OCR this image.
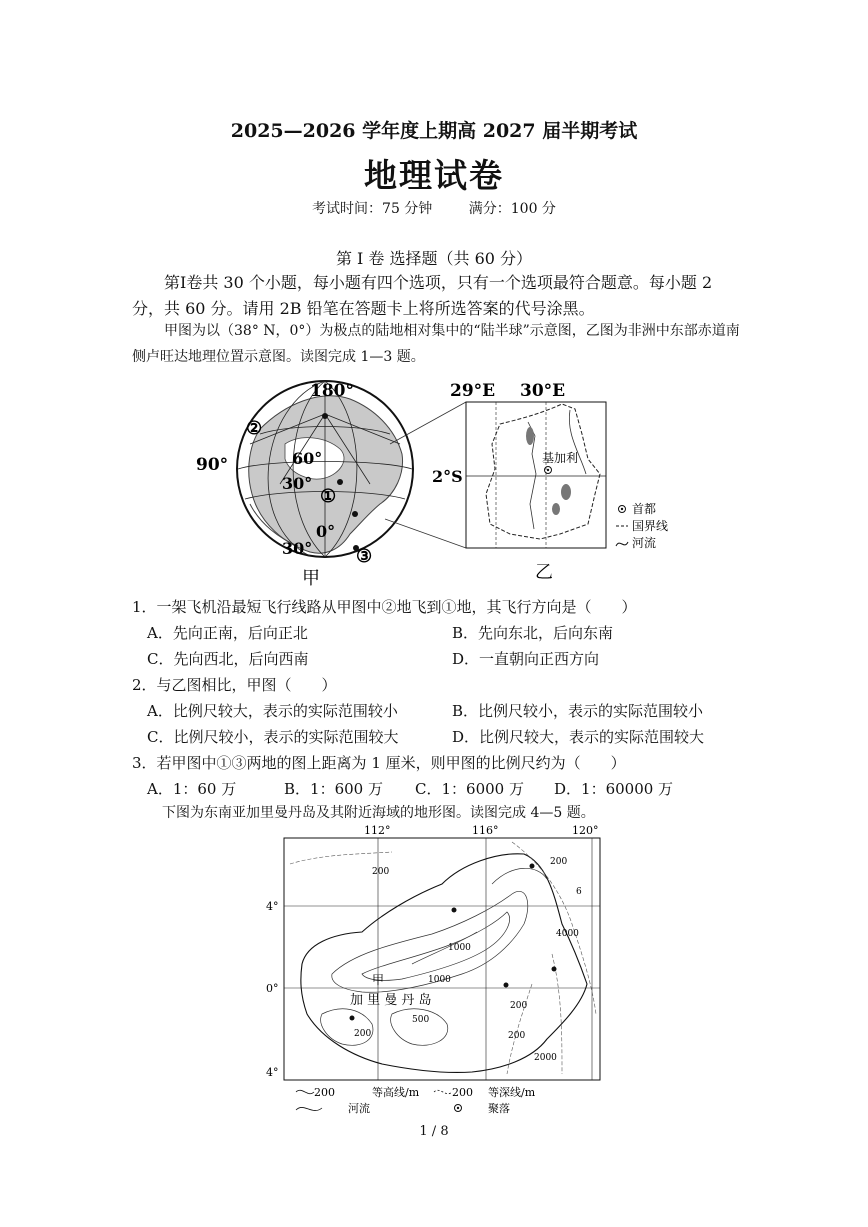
2025—2026 学年度上期高 2027 届半期考试
地理试卷
考试时间：75 分钟	满分：100 分
第 Ⅰ 卷 选择题（共 60 分）
第Ⅰ卷共 30 个小题，每小题有四个选项，只有一个选项最符合题意。每小题 2 分，共 60 分。请用 2B 铅笔在答题卡上将所选答案的代号涂黑。
甲图为以（38° N，0°）为极点的陆地相对集中的“陆半球”示意图，乙图为非洲中东部赤道南侧卢旺达地理位置示意图。读图完成 1—3 题。
180°
90°	60°
30°
0°
30°
①
②
③
甲
基加利
29°E 30°E
2°S
首都
国界线
河流
乙
1．一架飞机沿最短飞行线路从甲图中②地飞到①地，其飞行方向是（　　）
A．先向正南，后向正北	B．先向东北，后向东南
C．先向西北，后向西南	D．一直朝向正西方向
2．与乙图相比，甲图（　　）
A．比例尺较大，表示的实际范围较小	B．比例尺较小，表示的实际范围较小
C．比例尺较小，表示的实际范围较大	D．比例尺较大，表示的实际范围较大
3．若甲图中①③两地的图上距离为 1 厘米，则甲图的比例尺约为（　　）
A．1：60 万	B．1：600 万 C．1：6000 万 D．1：60000 万
下图为东南亚加里曼丹岛及其附近海域的地形图。读图完成 4—5 题。
112°	116°	120°
4°
0°
4°
200
1000
1000
500
200
200
200
200
4000
2000
6
甲
加 里 曼 丹 岛
200	等高线/m	200 等深线/m
河流	聚落
1 / 8
